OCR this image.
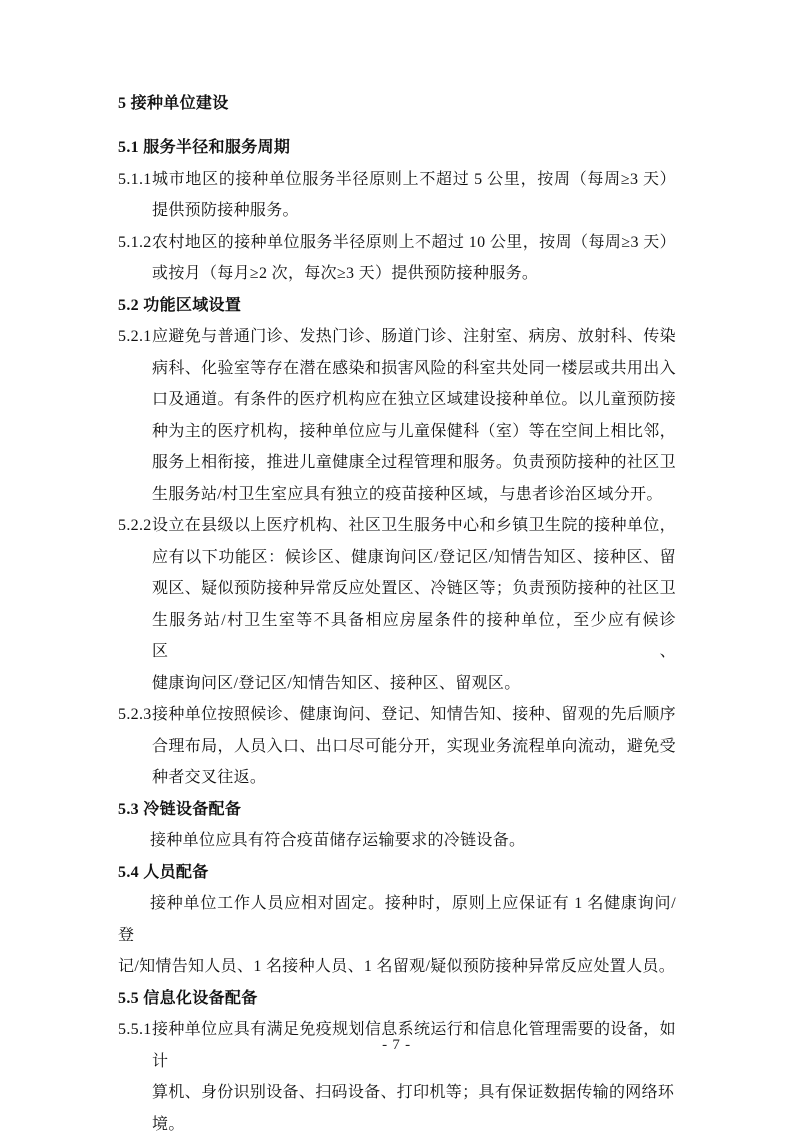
5 接种单位建设
5.1 服务半径和服务周期
5.1.1 城市地区的接种单位服务半径原则上不超过 5 公里，按周（每周≥3 天）
提供预防接种服务。
5.1.2 农村地区的接种单位服务半径原则上不超过 10 公里，按周（每周≥3 天）
或按月（每月≥2 次，每次≥3 天）提供预防接种服务。
5.2 功能区域设置
5.2.1 应避免与普通门诊、发热门诊、肠道门诊、注射室、病房、放射科、传染
病科、化验室等存在潜在感染和损害风险的科室共处同一楼层或共用出入
口及通道。有条件的医疗机构应在独立区域建设接种单位。以儿童预防接
种为主的医疗机构，接种单位应与儿童保健科（室）等在空间上相比邻，
服务上相衔接，推进儿童健康全过程管理和服务。负责预防接种的社区卫
生服务站/村卫生室应具有独立的疫苗接种区域，与患者诊治区域分开。
5.2.2 设立在县级以上医疗机构、社区卫生服务中心和乡镇卫生院的接种单位，
应有以下功能区：候诊区、健康询问区/登记区/知情告知区、接种区、留
观区、疑似预防接种异常反应处置区、冷链区等；负责预防接种的社区卫
生服务站/村卫生室等不具备相应房屋条件的接种单位，至少应有候诊区、
健康询问区/登记区/知情告知区、接种区、留观区。
5.2.3 接种单位按照候诊、健康询问、登记、知情告知、接种、留观的先后顺序
合理布局，人员入口、出口尽可能分开，实现业务流程单向流动，避免受
种者交叉往返。
5.3 冷链设备配备
接种单位应具有符合疫苗储存运输要求的冷链设备。
5.4 人员配备
接种单位工作人员应相对固定。接种时，原则上应保证有 1 名健康询问/登
记/知情告知人员、1 名接种人员、1 名留观/疑似预防接种异常反应处置人员。
5.5 信息化设备配备
5.5.1 接种单位应具有满足免疫规划信息系统运行和信息化管理需要的设备，如计
算机、身份识别设备、扫码设备、打印机等；具有保证数据传输的网络环境。
- 7 -
